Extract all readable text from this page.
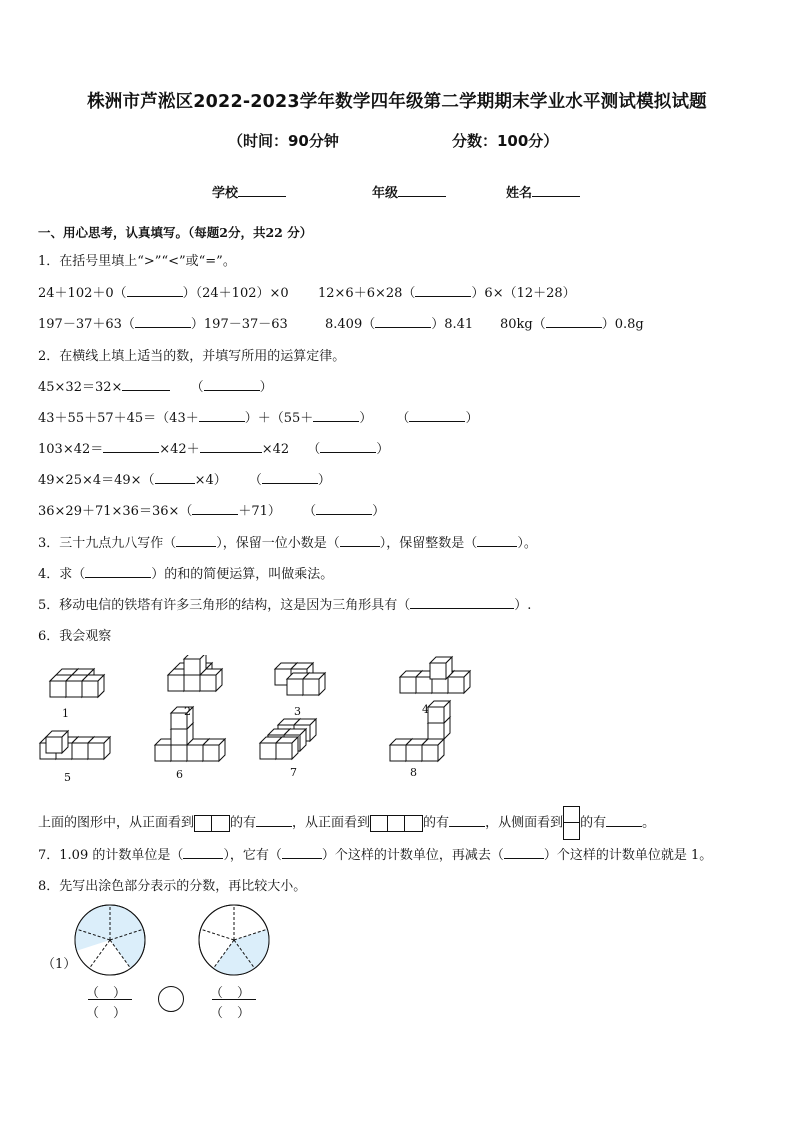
株洲市芦淞区2022-2023学年数学四年级第二学期期末学业水平测试模拟试题
（时间：90分钟	分数：100分）
学校	年级	姓名
一、用心思考，认真填写。（每题2分，共22 分）
1．在括号里填上“>”“<”或“=”。
24＋102＋0（	）（24＋102）×0 12×6＋6×28（	）6×（12＋28）
197－37＋63（	）197－37－63	8.409（	）8.41 80kg（	）0.8g
2．在横线上填上适当的数，并填写所用的运算定律。
45×32＝32×	（	）
43＋55＋57＋45＝（43＋	）＋（55＋	） （	）
103×42＝	×42＋	×42 （	）
49×25×4＝49×（	×4） （	）
36×29＋71×36＝36×（	＋71） （	）
3．三十九点九八写作（	），保留一位小数是（	），保留整数是（	）。
4．求（	）的和的简便运算，叫做乘法。
5．移动电信的铁塔有许多三角形的结构，这是因为三角形具有（	）.
6．我会观察
1	2	3	4
5	6	7	8
上面的图形中，从正面看到	的有	，从正面看到	的有	，从侧面看到 的有	。
7．1.09 的计数单位是（	），它有（	）个这样的计数单位，再减去（	）个这样的计数单位就是 1。
8．先写出涂色部分表示的分数，再比较大小。
（1）
（ ）
（ ）
（ ）
（ ）
